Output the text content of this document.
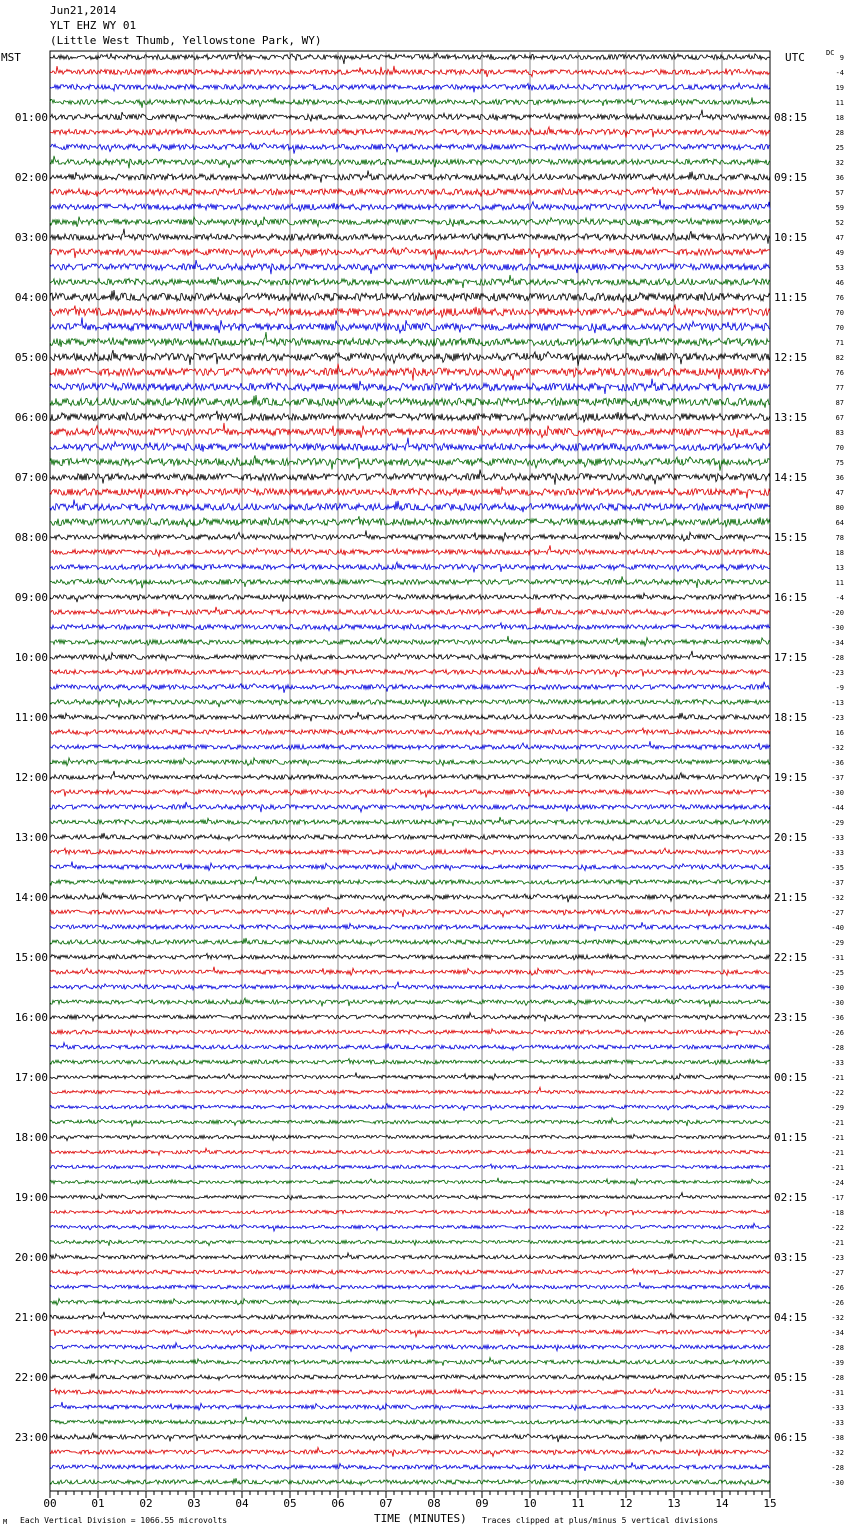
Jun21,2014
YLT EHZ WY 01
(Little West Thumb, Yellowstone Park, WY)
MST	UTC	DC
9
-4
19
11
18
28
25
32
36
57
59
52
47
49
53
46
76
70
70
71
82
76
77
87
67
83
70
75
36
47
80
64
78
18
13
11
-4
-20
-30
-34
-28
-23
-9
-13
-23
16
-32
-36
-37
-30
-44
-29
-33
-33
-35
-37
-32
-27
-40
-29
-31
-25
-30
-30
-36
-26
-28
-33
-21
-22
-29
-21
-21
-21
-21
-24
-17
-18
-22
-21
-23
-27
-26
-26
-32
-34
-28
-39
-28
-31
-33
-33
-38
-32
-28
-30
01:00	08:15
02:00	09:15
03:00	10:15
04:00	11:15
05:00	12:15
06:00	13:15
07:00	14:15
08:00	15:15
09:00	16:15
10:00	17:15
11:00	18:15
12:00	19:15
13:00	20:15
14:00	21:15
15:00	22:15
16:00	23:15
17:00	00:15
18:00	01:15
19:00	02:15
20:00	03:15
21:00	04:15
22:00	05:15
23:00	06:15
00	01	02	03	04	05	06	07	08	09	10	11	12	13	14	15
M Each Vertical Division = 1066.55 microvolts	TIME (MINUTES) Traces clipped at plus/minus 5 vertical divisions
